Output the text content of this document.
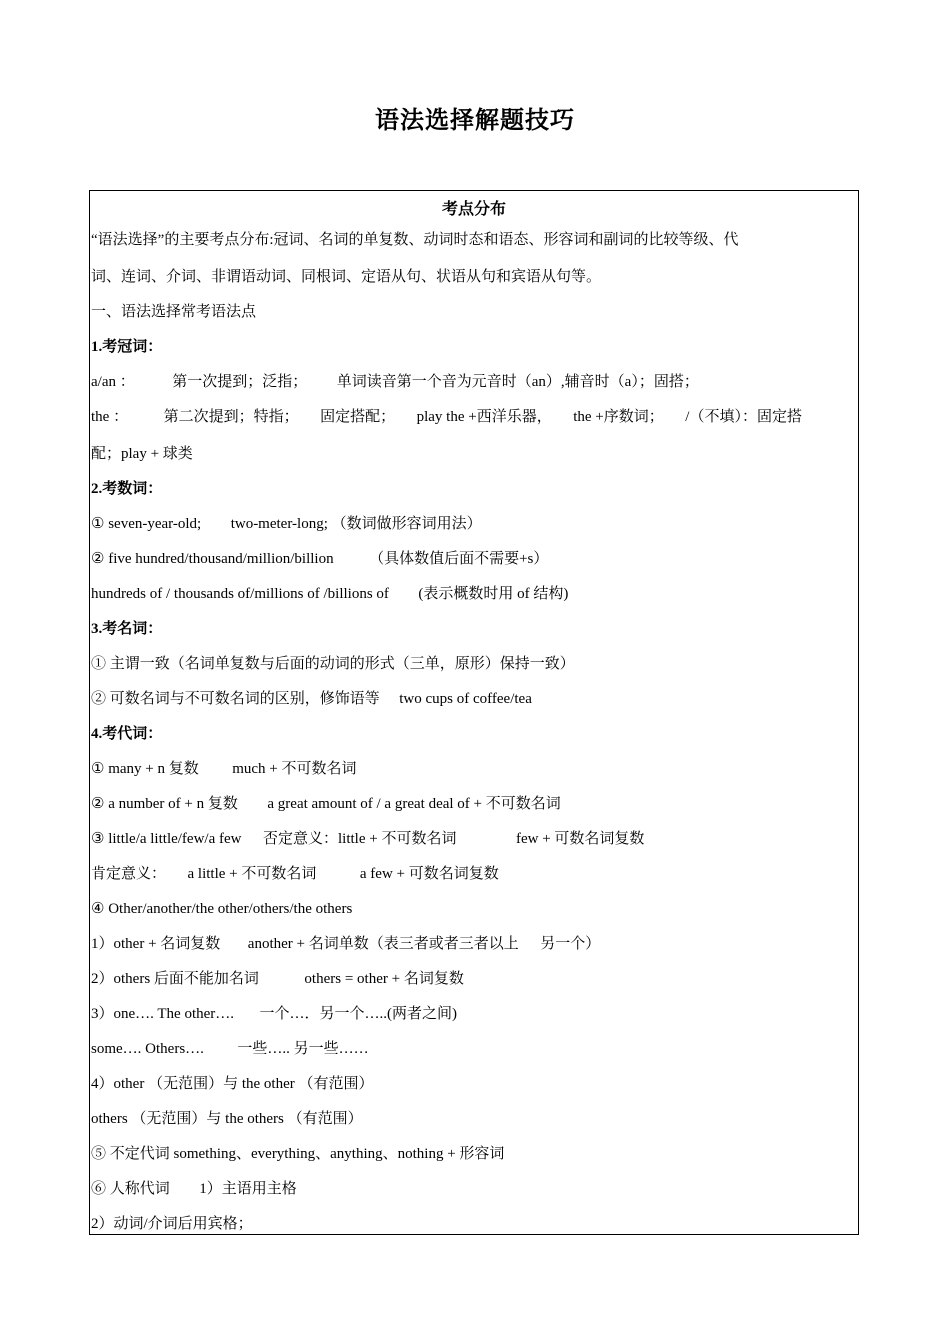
语法选择解题技巧
考点分布
“语法选择”的主要考点分布:冠词、名词的单复数、动词时态和语态、形容词和副词的比较等级、代
词、连词、介词、非谓语动词、同根词、定语从句、状语从句和宾语从句等。
一、语法选择常考语法点
1.考冠词：
a/an ：	第一次提到；泛指； 单词读音第一个音为元音时（an）,辅音时（a）；固搭；
the ： 第二次提到；特指； 固定搭配； play the +西洋乐器， the +序数词； /（不填）：固定搭
配；play + 球类
2.考数词：
① seven-year-old; two-meter-long; （数词做形容词用法）
② five hundred/thousand/million/billion （具体数值后面不需要+s）
hundreds of / thousands of/millions of /billions of (表示概数时用 of 结构)
3.考名词：
① 主谓一致（名词单复数与后面的动词的形式（三单，原形）保持一致）
② 可数名词与不可数名词的区别，修饰语等 two cups of coffee/tea
4.考代词：
① many + n 复数 much + 不可数名词
② a number of + n 复数 a great amount of / a great deal of + 不可数名词
③ little/a little/few/a few 否定意义：little + 不可数名词	few + 可数名词复数
肯定意义： a little + 不可数名词	a few + 可数名词复数
④ Other/another/the other/others/the others
1）other + 名词复数 another + 名词单数（表三者或者三者以上 另一个）
2）others 后面不能加名词	others = other + 名词复数
3）one…. The other…. 一个…．另一个…..(两者之间)
some…. Others…. 一些….. 另一些……
4）other （无范围）与 the other （有范围）
others （无范围）与 the others （有范围）
⑤ 不定代词 something、everything、anything、nothing + 形容词
⑥ 人称代词 1）主语用主格
2）动词/介词后用宾格；
